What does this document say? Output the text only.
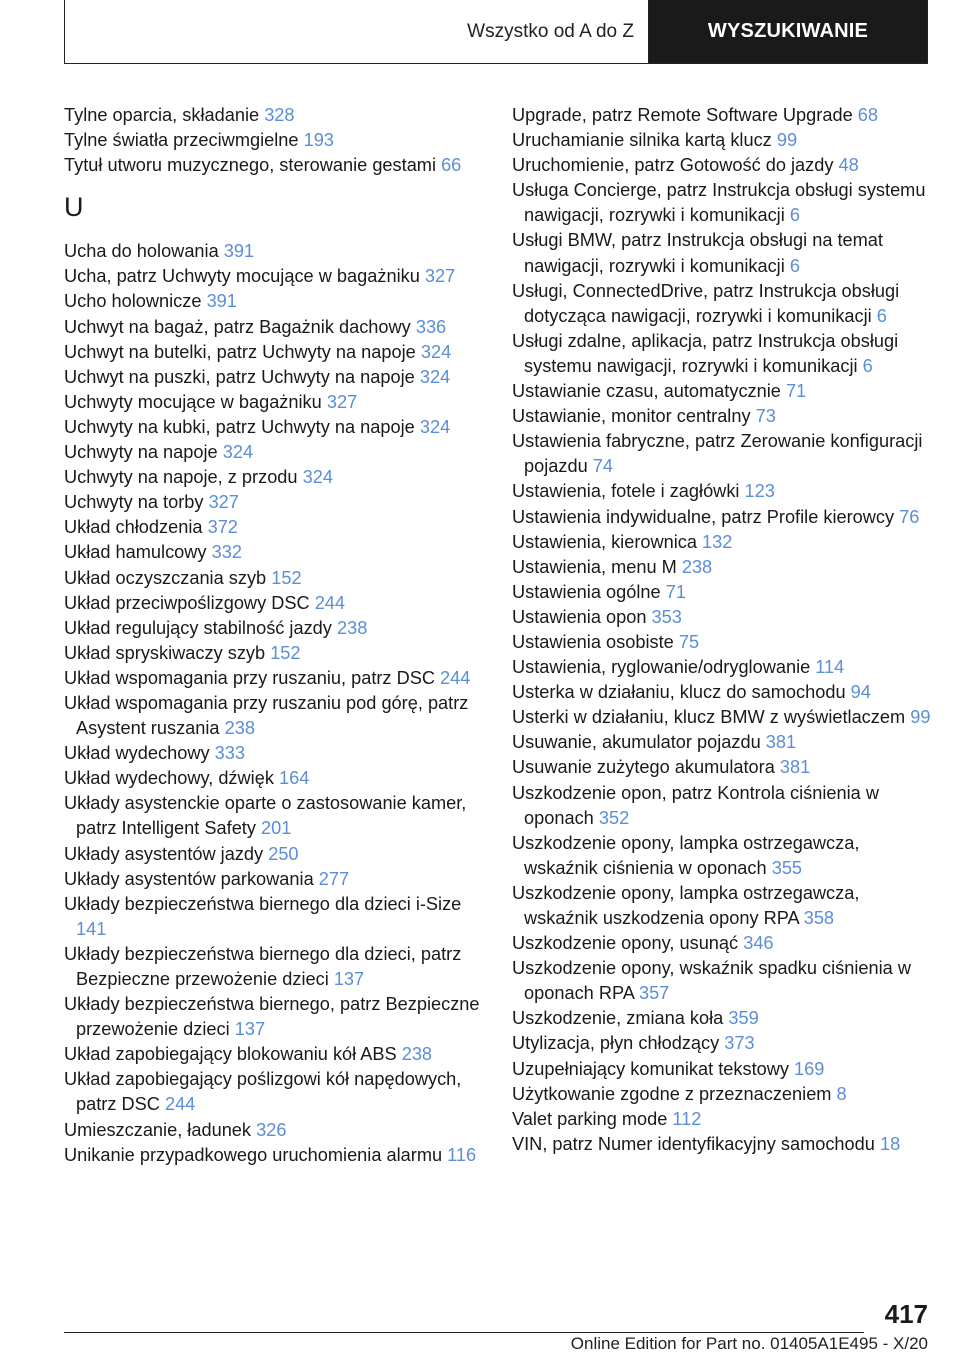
Wszystko od A do Z	WYSZUKIWANIE
Tylne oparcia, składanie 328
Tylne światła przeciwmgielne 193
Tytuł utworu muzycznego, sterowanie gestami 66
U
Ucha do holowania 391
Ucha, patrz Uchwyty mocujące w bagażniku 327
Ucho holownicze 391
Uchwyt na bagaż, patrz Bagażnik dachowy 336
Uchwyt na butelki, patrz Uchwyty na napoje 324
Uchwyt na puszki, patrz Uchwyty na napoje 324
Uchwyty mocujące w bagażniku 327
Uchwyty na kubki, patrz Uchwyty na napoje 324
Uchwyty na napoje 324
Uchwyty na napoje, z przodu 324
Uchwyty na torby 327
Układ chłodzenia 372
Układ hamulcowy 332
Układ oczyszczania szyb 152
Układ przeciwpoślizgowy DSC 244
Układ regulujący stabilność jazdy 238
Układ spryskiwaczy szyb 152
Układ wspomagania przy ruszaniu, patrz DSC 244
Układ wspomagania przy ruszaniu pod górę, patrz Asystent ruszania 238
Układ wydechowy 333
Układ wydechowy, dźwięk 164
Układy asystenckie oparte o zastosowanie kamer, patrz Intelligent Safety 201
Układy asystentów jazdy 250
Układy asystentów parkowania 277
Układy bezpieczeństwa biernego dla dzieci i-Size 141
Układy bezpieczeństwa biernego dla dzieci, patrz Bezpieczne przewożenie dzieci 137
Układy bezpieczeństwa biernego, patrz Bezpieczne przewożenie dzieci 137
Układ zapobiegający blokowaniu kół ABS 238
Układ zapobiegający poślizgowi kół napędowych, patrz DSC 244
Umieszczanie, ładunek 326
Unikanie przypadkowego uruchomienia alarmu 116
Upgrade, patrz Remote Software Upgrade 68
Uruchamianie silnika kartą klucz 99
Uruchomienie, patrz Gotowość do jazdy 48
Usługa Concierge, patrz Instrukcja obsługi systemu nawigacji, rozrywki i komunikacji 6
Usługi BMW, patrz Instrukcja obsługi na temat nawigacji, rozrywki i komunikacji 6
Usługi, ConnectedDrive, patrz Instrukcja obsługi dotycząca nawigacji, rozrywki i komunikacji 6
Usługi zdalne, aplikacja, patrz Instrukcja obsługi systemu nawigacji, rozrywki i komunikacji 6
Ustawianie czasu, automatycznie 71
Ustawianie, monitor centralny 73
Ustawienia fabryczne, patrz Zerowanie konfiguracji pojazdu 74
Ustawienia, fotele i zagłówki 123
Ustawienia indywidualne, patrz Profile kierowcy 76
Ustawienia, kierownica 132
Ustawienia, menu M 238
Ustawienia ogólne 71
Ustawienia opon 353
Ustawienia osobiste 75
Ustawienia, ryglowanie/odryglowanie 114
Usterka w działaniu, klucz do samochodu 94
Usterki w działaniu, klucz BMW z wyświetlaczem 99
Usuwanie, akumulator pojazdu 381
Usuwanie zużytego akumulatora 381
Uszkodzenie opon, patrz Kontrola ciśnienia w oponach 352
Uszkodzenie opony, lampka ostrzegawcza, wskaźnik ciśnienia w oponach 355
Uszkodzenie opony, lampka ostrzegawcza, wskaźnik uszkodzenia opony RPA 358
Uszkodzenie opony, usunąć 346
Uszkodzenie opony, wskaźnik spadku ciśnienia w oponach RPA 357
Uszkodzenie, zmiana koła 359
Utylizacja, płyn chłodzący 373
Uzupełniający komunikat tekstowy 169
Użytkowanie zgodne z przeznaczeniem 8
Valet parking mode 112
VIN, patrz Numer identyfikacyjny samochodu 18
417
Online Edition for Part no. 01405A1E495 - X/20
